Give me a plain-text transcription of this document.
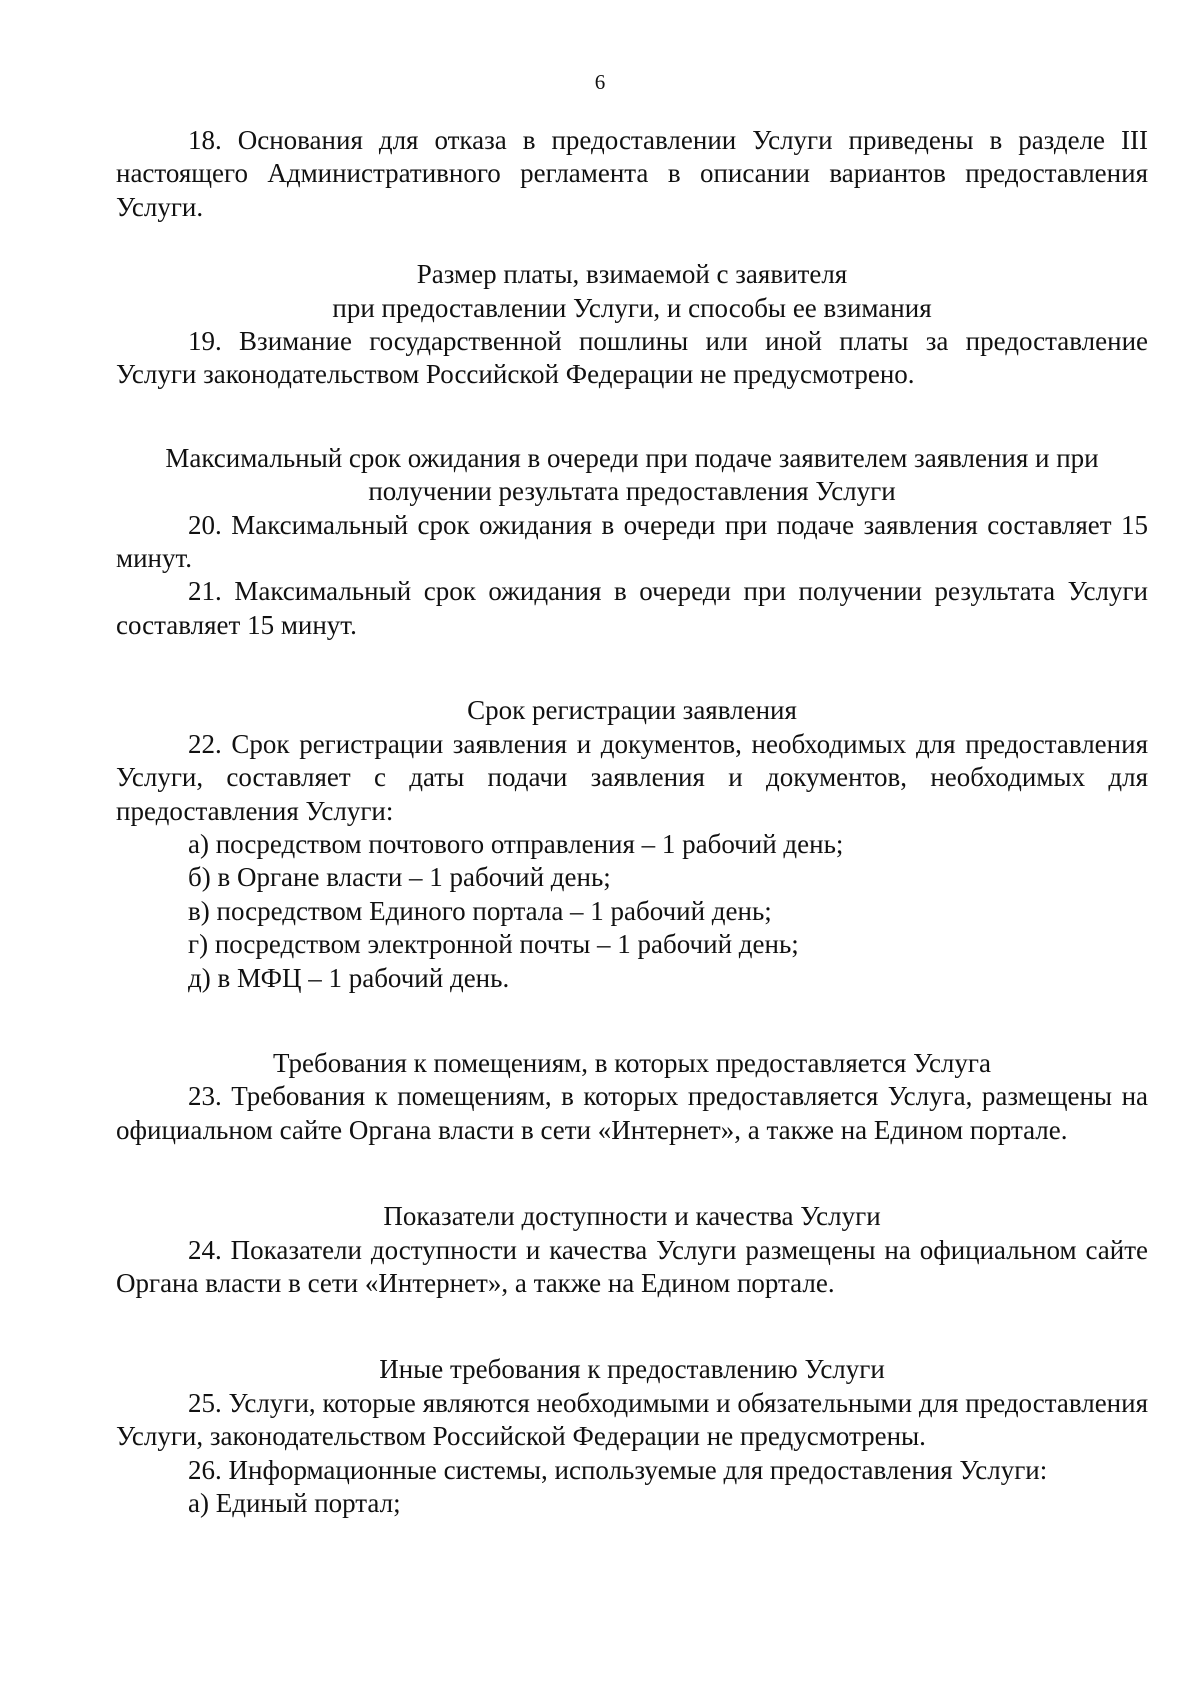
6

18. Основания для отказа в предоставлении Услуги приведены в разделе III настоящего Административного регламента в описании вариантов предоставления Услуги.

Размер платы, взимаемой с заявителя
при предоставлении Услуги, и способы ее взимания

19. Взимание государственной пошлины или иной платы за предоставление Услуги законодательством Российской Федерации не предусмотрено.

Максимальный срок ожидания в очереди при подаче заявителем заявления и при
получении результата предоставления Услуги

20. Максимальный срок ожидания в очереди при подаче заявления составляет 15 минут.

21. Максимальный срок ожидания в очереди при получении результата Услуги составляет 15 минут.

Срок регистрации заявления

22. Срок регистрации заявления и документов, необходимых для предоставления Услуги, составляет с даты подачи заявления и документов, необходимых для предоставления Услуги:

а) посредством почтового отправления – 1 рабочий день;

б) в Органе власти – 1 рабочий день;

в) посредством Единого портала – 1 рабочий день;

г) посредством электронной почты – 1 рабочий день;

д) в МФЦ – 1 рабочий день.

Требования к помещениям, в которых предоставляется Услуга

23. Требования к помещениям, в которых предоставляется Услуга, размещены на официальном сайте Органа власти в сети «Интернет», а также на Едином портале.

Показатели доступности и качества Услуги

24. Показатели доступности и качества Услуги размещены на официальном сайте Органа власти в сети «Интернет», а также на Едином портале.

Иные требования к предоставлению Услуги

25. Услуги, которые являются необходимыми и обязательными для предоставления Услуги, законодательством Российской Федерации не предусмотрены.

26. Информационные системы, используемые для предоставления Услуги:

а) Единый портал;
